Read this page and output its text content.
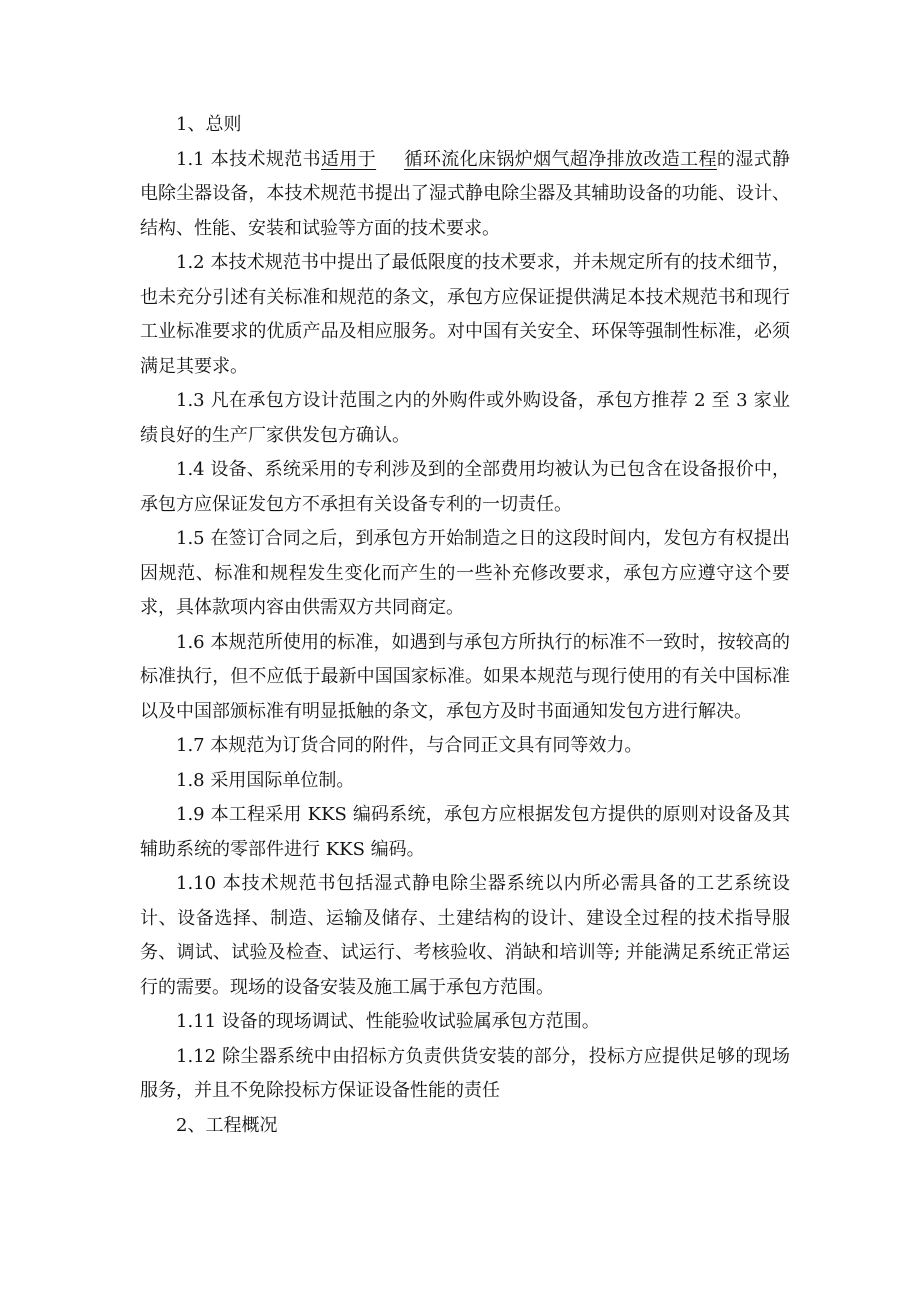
1、总则

1.1 本技术规范书适用于 循环流化床锅炉烟气超净排放改造工程的湿式静电除尘器设备，本技术规范书提出了湿式静电除尘器及其辅助设备的功能、设计、结构、性能、安装和试验等方面的技术要求。

1.2 本技术规范书中提出了最低限度的技术要求，并未规定所有的技术细节，也未充分引述有关标准和规范的条文，承包方应保证提供满足本技术规范书和现行工业标准要求的优质产品及相应服务。对中国有关安全、环保等强制性标准，必须满足其要求。

1.3 凡在承包方设计范围之内的外购件或外购设备，承包方推荐 2 至 3 家业绩良好的生产厂家供发包方确认。

1.4 设备、系统采用的专利涉及到的全部费用均被认为已包含在设备报价中，承包方应保证发包方不承担有关设备专利的一切责任。

1.5 在签订合同之后，到承包方开始制造之日的这段时间内，发包方有权提出因规范、标准和规程发生变化而产生的一些补充修改要求，承包方应遵守这个要求，具体款项内容由供需双方共同商定。

1.6 本规范所使用的标准，如遇到与承包方所执行的标准不一致时，按较高的标准执行，但不应低于最新中国国家标准。如果本规范与现行使用的有关中国标准以及中国部颁标准有明显抵触的条文，承包方及时书面通知发包方进行解决。

1.7 本规范为订货合同的附件，与合同正文具有同等效力。

1.8 采用国际单位制。

1.9 本工程采用 KKS 编码系统，承包方应根据发包方提供的原则对设备及其辅助系统的零部件进行 KKS 编码。

1.10 本技术规范书包括湿式静电除尘器系统以内所必需具备的工艺系统设计、设备选择、制造、运输及储存、土建结构的设计、建设全过程的技术指导服务、调试、试验及检查、试运行、考核验收、消缺和培训等; 并能满足系统正常运行的需要。现场的设备安装及施工属于承包方范围。

1.11 设备的现场调试、性能验收试验属承包方范围。

1.12 除尘器系统中由招标方负责供货安装的部分，投标方应提供足够的现场服务，并且不免除投标方保证设备性能的责任

2、工程概况
